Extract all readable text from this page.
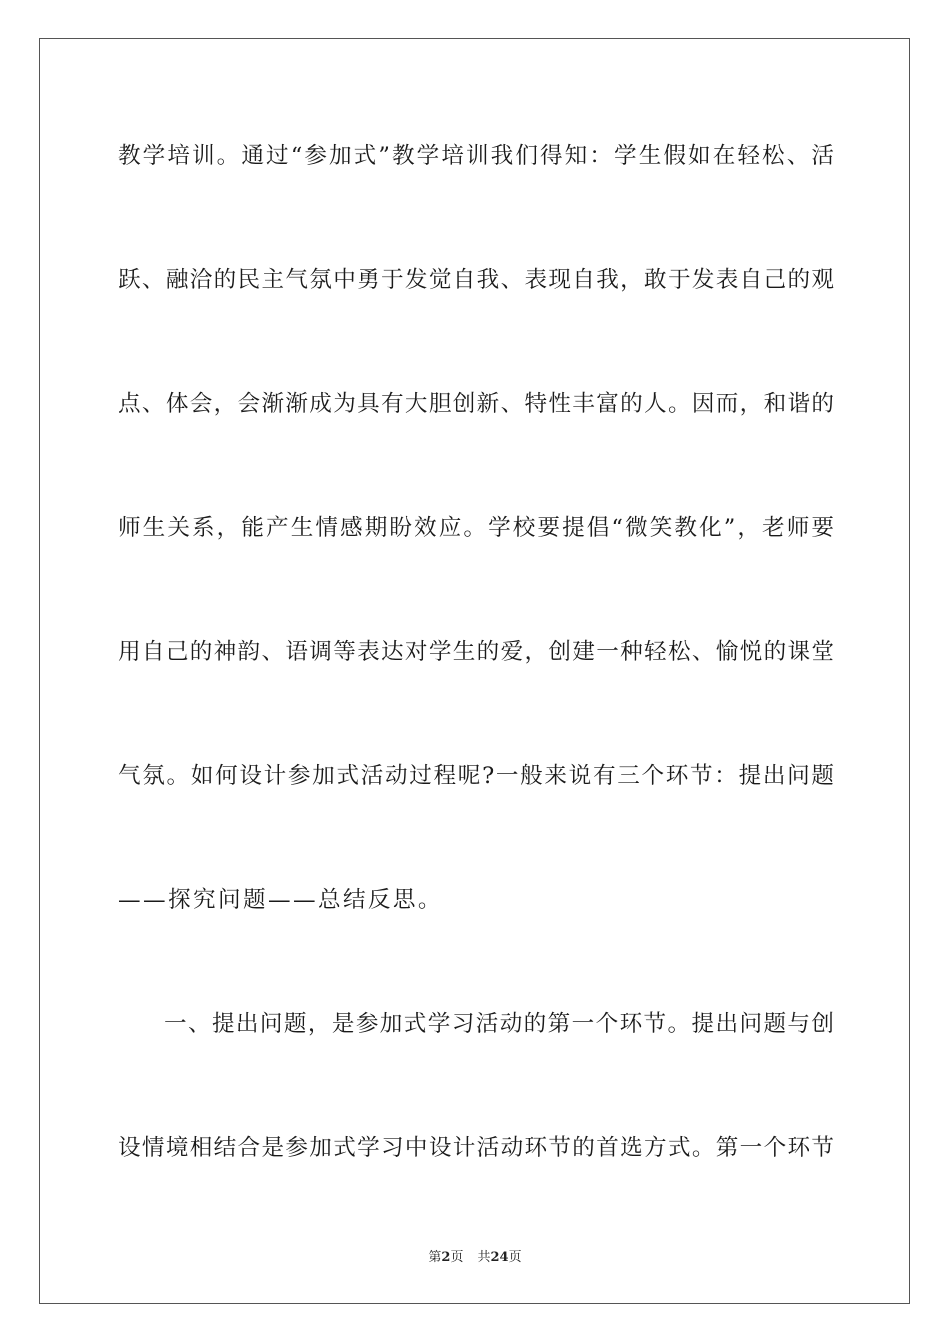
教学培训。通过“参加式”教学培训我们得知：学生假如在轻松、活
跃、融洽的民主气氛中勇于发觉自我、表现自我，敢于发表自己的观
点、体会，会渐渐成为具有大胆创新、特性丰富的人。因而，和谐的
师生关系，能产生情感期盼效应。学校要提倡“微笑教化”，老师要
用自己的神韵、语调等表达对学生的爱，创建一种轻松、愉悦的课堂
气氛。如何设计参加式活动过程呢?一般来说有三个环节：提出问题
——探究问题——总结反思。
一、提出问题，是参加式学习活动的第一个环节。提出问题与创
设情境相结合是参加式学习中设计活动环节的首选方式。第一个环节
第2页 共24页
